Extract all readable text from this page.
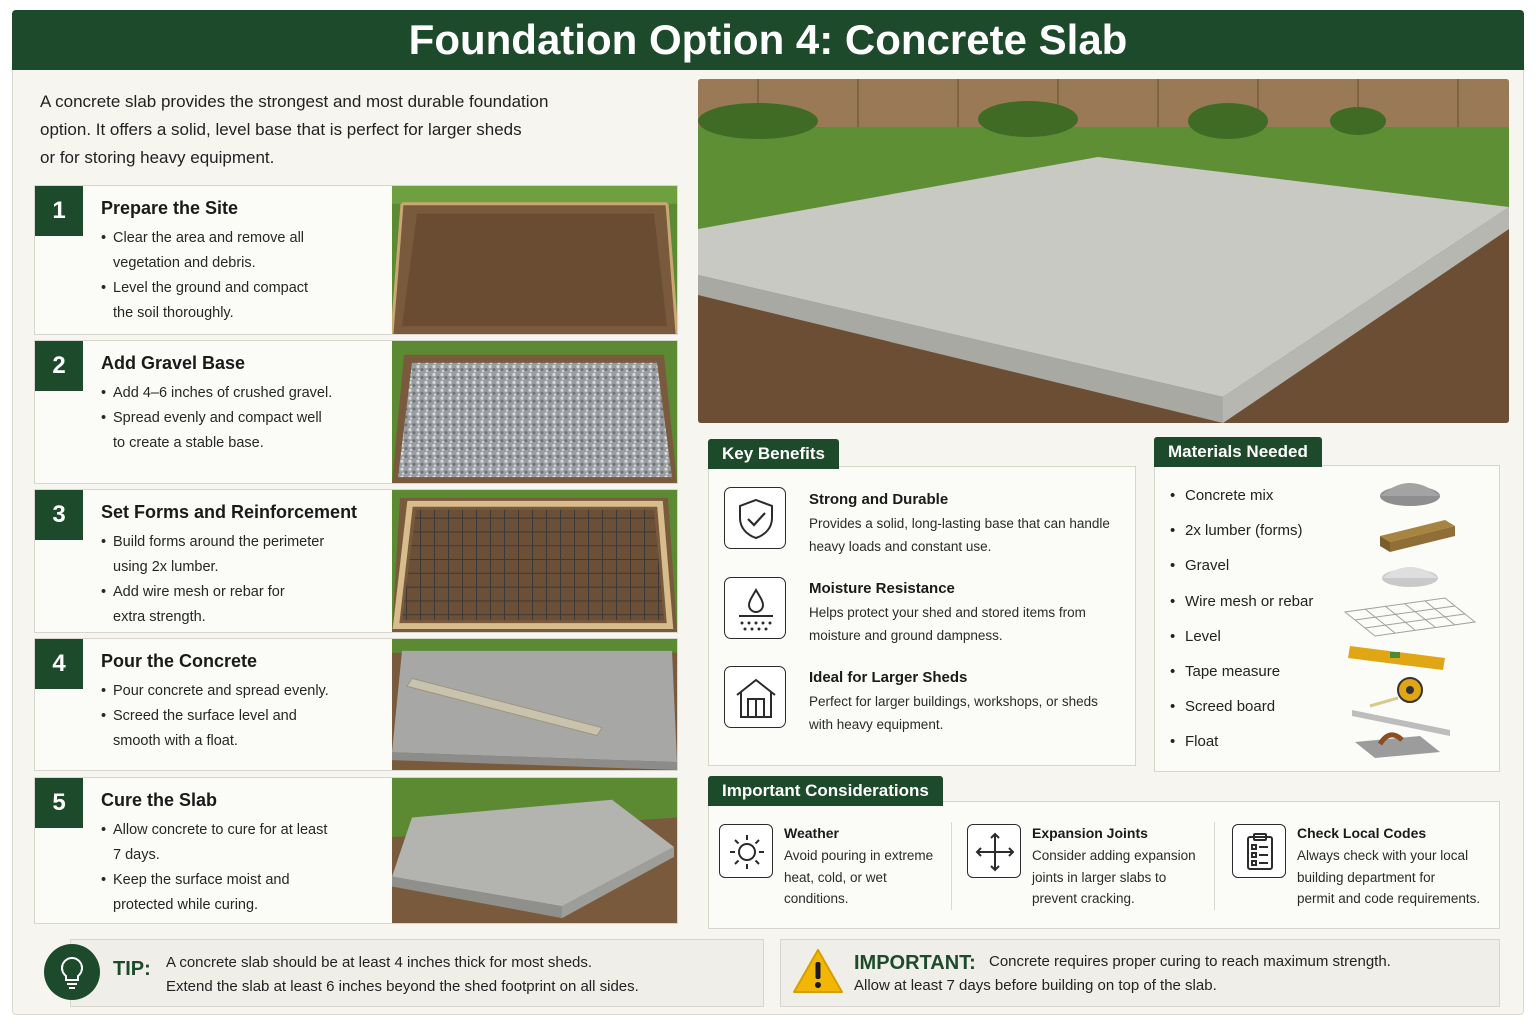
Foundation Option 4: Concrete Slab
A concrete slab provides the strongest and most durable foundation
option. It offers a solid, level base that is perfect for larger sheds
or for storing heavy equipment.
1	Prepare the Site
• Clear the area and remove all
vegetation and debris.
• Level the ground and compact
the soil thoroughly.
2	Add Gravel Base
• Add 4–6 inches of crushed gravel.
• Spread evenly and compact well
to create a stable base.
3	Set Forms and Reinforcement
• Build forms around the perimeter
using 2x lumber.
• Add wire mesh or rebar for
extra strength.
4	Pour the Concrete
• Pour concrete and spread evenly.
• Screed the surface level and
smooth with a float.
5	Cure the Slab
• Allow concrete to cure for at least
7 days.
• Keep the surface moist and
protected while curing.
Key Benefits
Strong and Durable
Provides a solid, long-lasting base that can handle
heavy loads and constant use.
Moisture Resistance
Helps protect your shed and stored items from
moisture and ground dampness.
Ideal for Larger Sheds
Perfect for larger buildings, workshops, or sheds
with heavy equipment.
Materials Needed
• Concrete mix
• 2x lumber (forms)
• Gravel
• Wire mesh or rebar
• Level
• Tape measure
• Screed board
• Float
Important Considerations
Weather
Avoid pouring in extreme
heat, cold, or wet
conditions.
Expansion Joints
Consider adding expansion
joints in larger slabs to
prevent cracking.
Check Local Codes
Always check with your local
building department for
permit and code requirements.
TIP: A concrete slab should be at least 4 inches thick for most sheds.
Extend the slab at least 6 inches beyond the shed footprint on all sides.
IMPORTANT: Concrete requires proper curing to reach maximum strength.
Allow at least 7 days before building on top of the slab.
